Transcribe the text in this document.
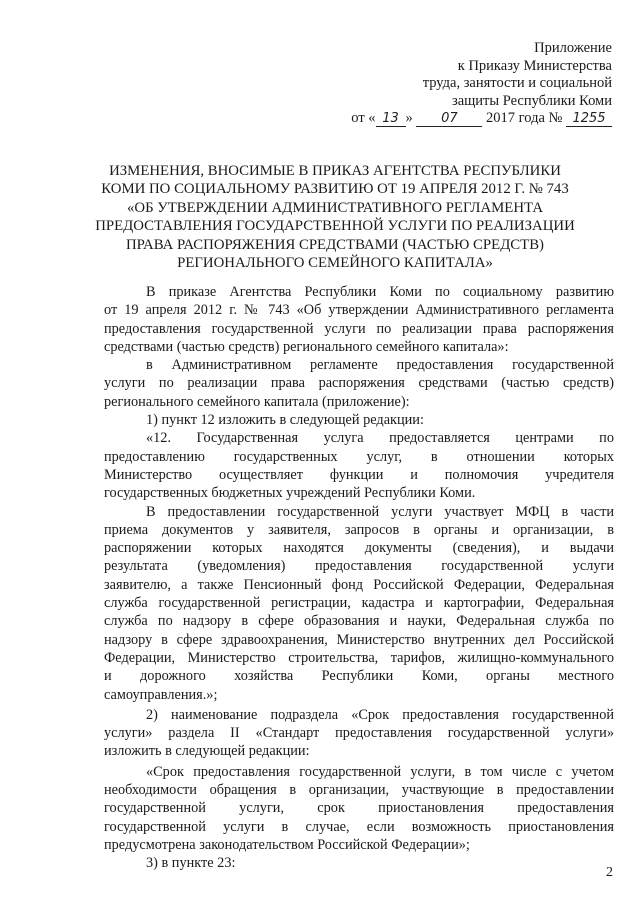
Приложение
к Приказу Министерства
труда, занятости и социальной
защиты Республики Коми
от « 13 » 07 2017 года № 1255
ИЗМЕНЕНИЯ, ВНОСИМЫЕ В ПРИКАЗ АГЕНТСТВА РЕСПУБЛИКИ
КОМИ ПО СОЦИАЛЬНОМУ РАЗВИТИЮ ОТ 19 АПРЕЛЯ 2012 Г. № 743
«ОБ УТВЕРЖДЕНИИ АДМИНИСТРАТИВНОГО РЕГЛАМЕНТА
ПРЕДОСТАВЛЕНИЯ ГОСУДАРСТВЕННОЙ УСЛУГИ ПО РЕАЛИЗАЦИИ
ПРАВА РАСПОРЯЖЕНИЯ СРЕДСТВАМИ (ЧАСТЬЮ СРЕДСТВ)
РЕГИОНАЛЬНОГО СЕМЕЙНОГО КАПИТАЛА»
В приказе Агентства Республики Коми по социальному развитию
от 19 апреля 2012 г. № 743 «Об утверждении Административного регламента
предоставления государственной услуги по реализации права распоряжения
средствами (частью средств) регионального семейного капитала»:
в Административном регламенте предоставления государственной
услуги по реализации права распоряжения средствами (частью средств)
регионального семейного капитала (приложение):
1) пункт 12 изложить в следующей редакции:
«12. Государственная услуга предоставляется центрами по
предоставлению государственных услуг, в отношении которых
Министерство осуществляет функции и полномочия учредителя
государственных бюджетных учреждений Республики Коми.
В предоставлении государственной услуги участвует МФЦ в части
приема документов у заявителя, запросов в органы и организации, в
распоряжении которых находятся документы (сведения), и выдачи
результата (уведомления) предоставления государственной услуги
заявителю, а также Пенсионный фонд Российской Федерации, Федеральная
служба государственной регистрации, кадастра и картографии, Федеральная
служба по надзору в сфере образования и науки, Федеральная служба по
надзору в сфере здравоохранения, Министерство внутренних дел Российской
Федерации, Министерство строительства, тарифов, жилищно-коммунального
и дорожного хозяйства Республики Коми, органы местного
самоуправления.»;
2) наименование подраздела «Срок предоставления государственной
услуги» раздела II «Стандарт предоставления государственной услуги»
изложить в следующей редакции:
«Срок предоставления государственной услуги, в том числе с учетом
необходимости обращения в организации, участвующие в предоставлении
государственной услуги, срок приостановления предоставления
государственной услуги в случае, если возможность приостановления
предусмотрена законодательством Российской Федерации»;
3) в пункте 23:
2
